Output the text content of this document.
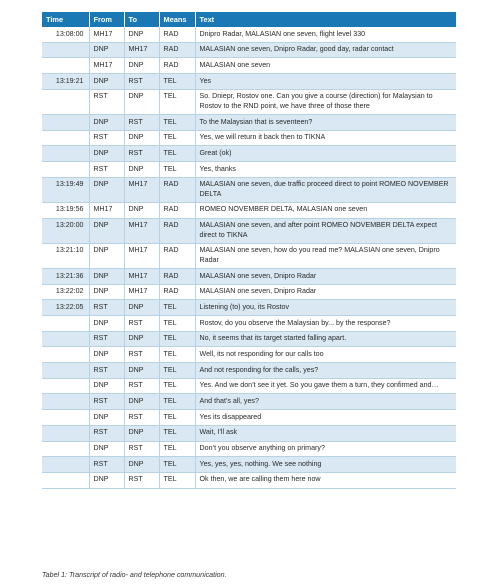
Time	From	To	Means	Text
13:08:00	MH17	DNP	RAD	Dnipro Radar, MALASIAN one seven, flight level 330
	DNP	MH17	RAD	MALASIAN one seven, Dnipro Radar, good day, radar contact
	MH17	DNP	RAD	MALASIAN one seven
13:19:21	DNP	RST	TEL	Yes
	RST	DNP	TEL	So. Dniepr, Rostov one. Can you give a course (direction) for Malaysian to Rostov to the RND point, we have three of those there
	DNP	RST	TEL	To the Malaysian that is seventeen?
	RST	DNP	TEL	Yes, we will return it back then to TIKNA
	DNP	RST	TEL	Great (ok)
	RST	DNP	TEL	Yes, thanks
13:19:49	DNP	MH17	RAD	MALASIAN one seven, due traffic proceed direct to point ROMEO NOVEMBER DELTA
13:19:56	MH17	DNP	RAD	ROMEO NOVEMBER DELTA, MALASIAN one seven
13:20:00	DNP	MH17	RAD	MALASIAN one seven, and after point ROMEO NOVEMBER DELTA expect direct to TIKNA
13:21:10	DNP	MH17	RAD	MALASIAN one seven, how do you read me? MALASIAN one seven, Dnipro Radar
13:21:36	DNP	MH17	RAD	MALASIAN one seven, Dnipro Radar
13:22:02	DNP	MH17	RAD	MALASIAN one seven, Dnipro Radar
13:22:05	RST	DNP	TEL	Listening (to) you, its Rostov
	DNP	RST	TEL	Rostov, do you observe the Malaysian by... by the response?
	RST	DNP	TEL	No, it seems that its target started falling apart.
	DNP	RST	TEL	Well, its not responding for our calls too
	RST	DNP	TEL	And not responding for the calls, yes?
	DNP	RST	TEL	Yes. And we don’t see it yet. So you gave them a turn, they confirmed and…
	RST	DNP	TEL	And that’s all, yes?
	DNP	RST	TEL	Yes its disappeared
	RST	DNP	TEL	Wait, I’ll ask
	DNP	RST	TEL	Don’t you observe anything on primary?
	RST	DNP	TEL	Yes, yes, yes, nothing. We see nothing
	DNP	RST	TEL	Ok then, we are calling them here now
Tabel 1: Transcript of radio- and telephone communication.
